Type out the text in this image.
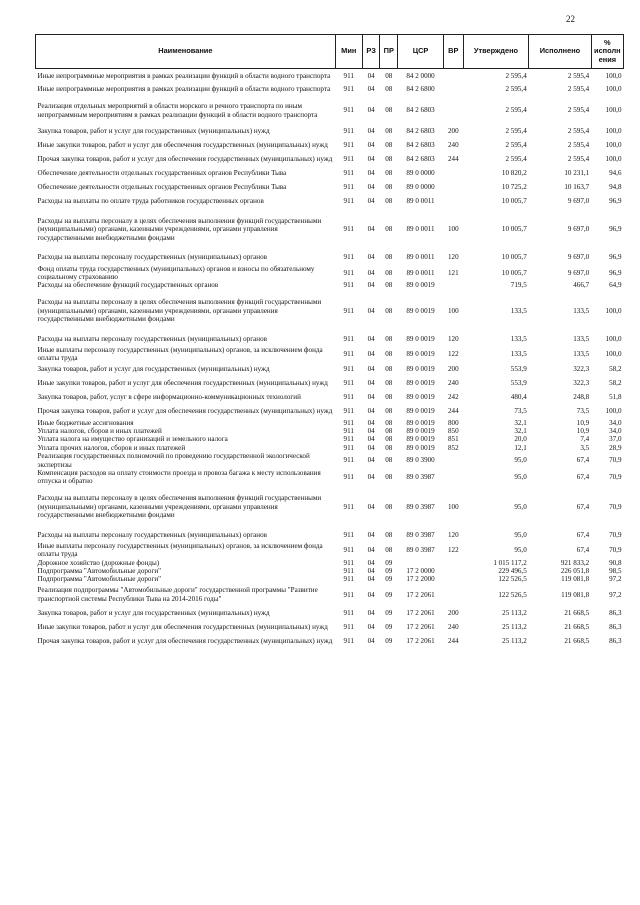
22
Наименование	Мин	РЗ	ПР	ЦСР	ВР	Утверждено	Исполнено	% исполн ения
Иные непрограммные мероприятия в рамках реализации функций в области водного транспорта	911	04	08	84 2 0000		2 595,4	2 595,4	100,0
Иные непрограммные мероприятия в рамках реализации функций в области водного транспорта	911	04	08	84 2 6800		2 595,4	2 595,4	100,0
Реализация отдельных мероприятий в области морского и речного транспорта по иным непрограммным мероприятиям в рамках реализации функций в области водного транспорта	911	04	08	84 2 6803		2 595,4	2 595,4	100,0
Закупка товаров, работ и услуг для государственных (муниципальных) нужд	911	04	08	84 2 6803	200	2 595,4	2 595,4	100,0
Иные закупки товаров, работ и услуг для обеспечения государственных (муниципальных) нужд	911	04	08	84 2 6803	240	2 595,4	2 595,4	100,0
Прочая закупка товаров, работ и услуг для обеспечения государственных (муниципальных) нужд	911	04	08	84 2 6803	244	2 595,4	2 595,4	100,0
Обеспечение деятельности отдельных государственных органов Республики Тыва	911	04	08	89 0 0000		10 820,2	10 231,1	94,6
Обеспечение деятельности отдельных государственных органов Республики Тыва	911	04	08	89 0 0000		10 725,2	10 163,7	94,8
Расходы на выплаты по оплате труда работников государственных органов	911	04	08	89 0 0011		10 005,7	9 697,0	96,9
Расходы на выплаты персоналу в целях обеспечения выполнения функций государственными (муниципальными) органами, казенными учреждениями, органами управления государственными внебюджетными фондами	911	04	08	89 0 0011	100	10 005,7	9 697,0	96,9
Расходы на выплаты персоналу государственных (муниципальных) органов	911	04	08	89 0 0011	120	10 005,7	9 697,0	96,9
Фонд оплаты труда государственных (муниципальных) органов и взносы по обязательному социальному страхованию	911	04	08	89 0 0011	121	10 005,7	9 697,0	96,9
Расходы на обеспечение функций государственных органов	911	04	08	89 0 0019		719,5	466,7	64,9
Расходы на выплаты персоналу в целях обеспечения выполнения функций государственными (муниципальными) органами, казенными учреждениями, органами управления государственными внебюджетными фондами	911	04	08	89 0 0019	100	133,5	133,5	100,0
Расходы на выплаты персоналу государственных (муниципальных) органов	911	04	08	89 0 0019	120	133,5	133,5	100,0
Иные выплаты персоналу государственных (муниципальных) органов, за исключением фонда оплаты труда	911	04	08	89 0 0019	122	133,5	133,5	100,0
Закупка товаров, работ и услуг для государственных (муниципальных) нужд	911	04	08	89 0 0019	200	553,9	322,3	58,2
Иные закупки товаров, работ и услуг для обеспечения государственных (муниципальных) нужд	911	04	08	89 0 0019	240	553,9	322,3	58,2
Закупка товаров, работ, услуг в сфере информационно-коммуникационных технологий	911	04	08	89 0 0019	242	480,4	248,8	51,8
Прочая закупка товаров, работ и услуг для обеспечения государственных (муниципальных) нужд	911	04	08	89 0 0019	244	73,5	73,5	100,0
Иные бюджетные ассигнования	911	04	08	89 0 0019	800	32,1	10,9	34,0
Уплата налогов, сборов и иных платежей	911	04	08	89 0 0019	850	32,1	10,9	34,0
Уплата налога на имущество организаций и земельного налога	911	04	08	89 0 0019	851	20,0	7,4	37,0
Уплата прочих налогов, сборов и иных платежей	911	04	08	89 0 0019	852	12,1	3,5	28,9
Реализация государственных полномочий по проведению государственной экологической экспертизы	911	04	08	89 0 3900		95,0	67,4	70,9
Компенсация расходов на оплату стоимости проезда и провоза багажа к месту использования отпуска и обратно	911	04	08	89 0 3987		95,0	67,4	70,9
Расходы на выплаты персоналу в целях обеспечения выполнения функций государственными (муниципальными) органами, казенными учреждениями, органами управления государственными внебюджетными фондами	911	04	08	89 0 3987	100	95,0	67,4	70,9
Расходы на выплаты персоналу государственных (муниципальных) органов	911	04	08	89 0 3987	120	95,0	67,4	70,9
Иные выплаты персоналу государственных (муниципальных) органов, за исключением фонда оплаты труда	911	04	08	89 0 3987	122	95,0	67,4	70,9
Дорожное хозяйство (дорожные фонды)	911	04	09			1 015 117,2	921 833,2	90,8
Подпрограмма "Автомобильные дороги"	911	04	09	17 2 0000		229 496,5	226 051,8	98,5
Подпрограмма "Автомобильные дороги"	911	04	09	17 2 2000		122 526,5	119 081,8	97,2
Реализация подпрограммы "Автомобильные дороги" государственной программы "Развитие транспортной системы Республики Тыва на 2014-2016 годы"	911	04	09	17 2 2061		122 526,5	119 081,8	97,2
Закупка товаров, работ и услуг для государственных (муниципальных) нужд	911	04	09	17 2 2061	200	25 113,2	21 668,5	86,3
Иные закупки товаров, работ и услуг для обеспечения государственных (муниципальных) нужд	911	04	09	17 2 2061	240	25 113,2	21 668,5	86,3
Прочая закупка товаров, работ и услуг для обеспечения государственных (муниципальных) нужд	911	04	09	17 2 2061	244	25 113,2	21 668,5	86,3
